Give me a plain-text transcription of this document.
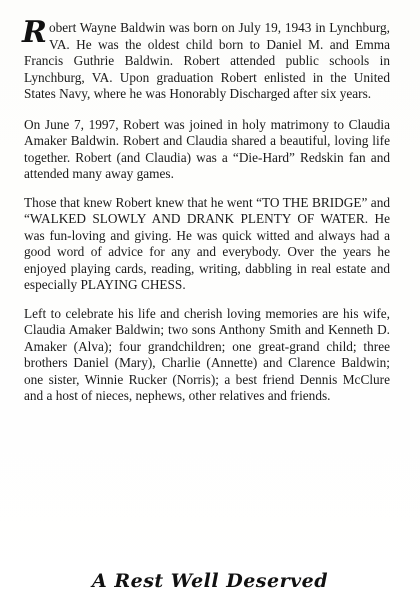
R obert Wayne Baldwin was born on July 19, 1943 in Lynchburg, VA. He was the oldest child born to Daniel M. and Emma Francis Guthrie Baldwin. Robert attended public schools in Lynchburg, VA. Upon graduation Robert enlisted in the United States Navy, where he was Honorably Discharged after six years.

On June 7, 1997, Robert was joined in holy matrimony to Claudia Amaker Baldwin. Robert and Claudia shared a beautiful, loving life together. Robert (and Claudia) was a “Die-Hard” Redskin fan and attended many away games.

Those that knew Robert knew that he went “TO THE BRIDGE” and “WALKED SLOWLY AND DRANK PLENTY OF WATER. He was fun-loving and giving. He was quick witted and always had a good word of advice for any and everybody. Over the years he enjoyed playing cards, reading, writing, dabbling in real estate and especially PLAYING CHESS.

Left to celebrate his life and cherish loving memories are his wife, Claudia Amaker Baldwin; two sons Anthony Smith and Kenneth D. Amaker (Alva); four grandchildren; one great-grand child; three brothers Daniel (Mary), Charlie (Annette) and Clarence Baldwin; one sister, Winnie Rucker (Norris); a best friend Dennis McClure and a host of nieces, nephews, other relatives and friends.

A Rest Well Deserved
